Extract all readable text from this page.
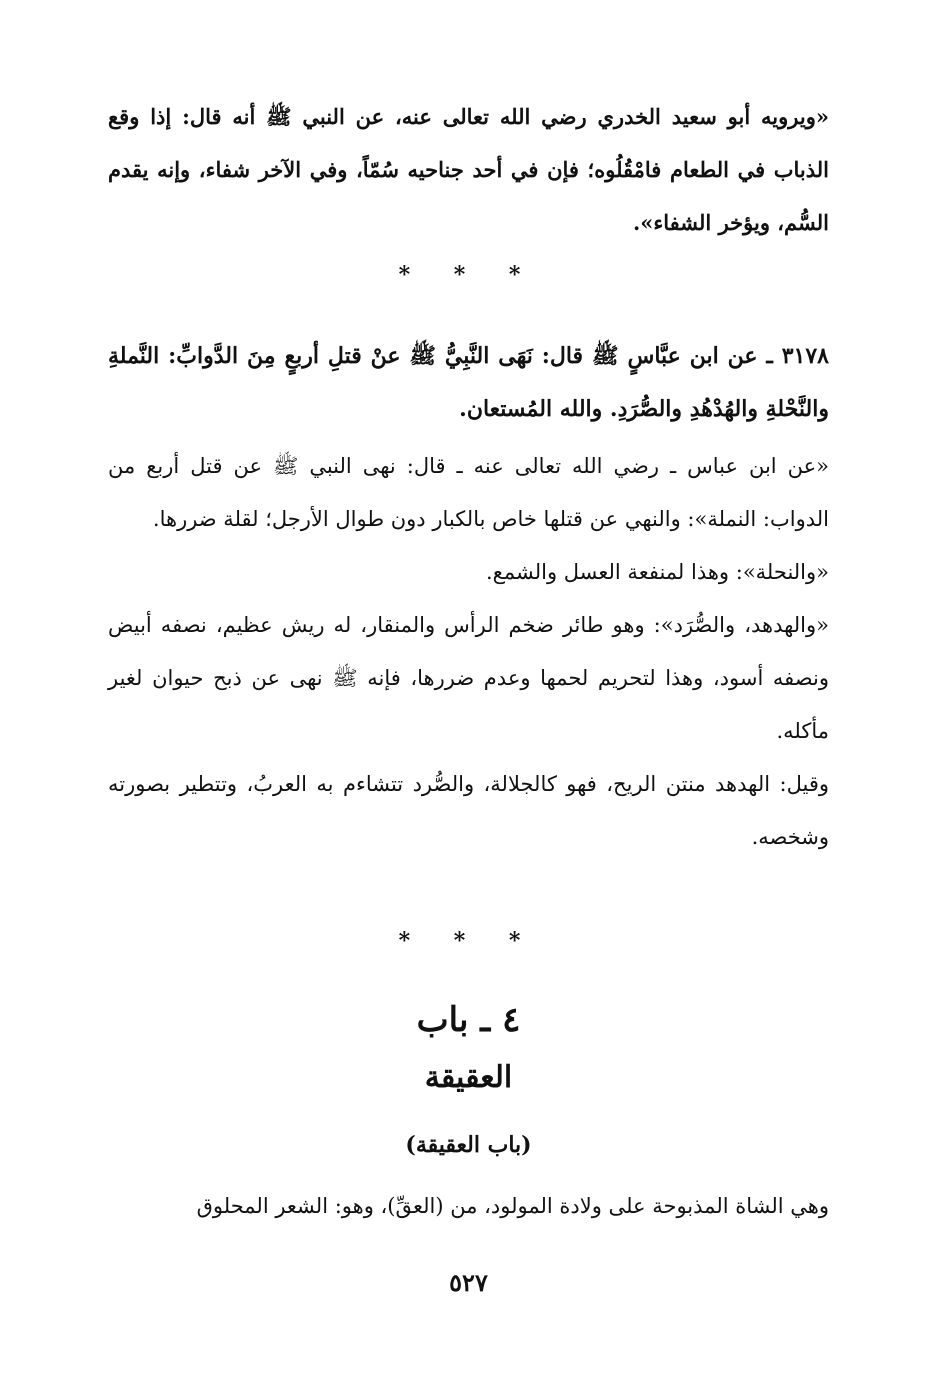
«ويرويه أبو سعيد الخدري رضي الله تعالى عنه، عن النبي ﷺ أنه قال: إذا وقع الذباب في الطعام فامْقُلُوه؛ فإن في أحد جناحيه سُمّاً، وفي الآخر شفاء، وإنه يقدم السُّم، ويؤخر الشفاء».

* * *

٣١٧٨ ـ عن ابن عبَّاسٍ ﷺ قال: نَهَى النَّبِيُّ ﷺ عنْ قتلِ أربعٍ مِنَ الدَّوابِّ: النَّملةِ والنَّحْلةِ والهُدْهُدِ والصُّرَدِ. والله المُستعان.

«عن ابن عباس ـ رضي الله تعالى عنه ـ قال: نهى النبي ﷺ عن قتل أربع من الدواب: النملة»: والنهي عن قتلها خاص بالكبار دون طوال الأرجل؛ لقلة ضررها.

«والنحلة»: وهذا لمنفعة العسل والشمع.

«والهدهد، والصُّرَد»: وهو طائر ضخم الرأس والمنقار، له ريش عظيم، نصفه أبيض ونصفه أسود، وهذا لتحريم لحمها وعدم ضررها، فإنه ﷺ نهى عن ذبح حيوان لغير مأكله.

وقيل: الهدهد منتن الريح، فهو كالجلالة، والصُّرد تتشاءم به العربُ، وتتطير بصورته وشخصه.

* * *
٤ ـ باب
العقيقة
(باب العقيقة)

وهي الشاة المذبوحة على ولادة المولود، من (العقِّ)، وهو: الشعر المحلوق

٥٢٧
